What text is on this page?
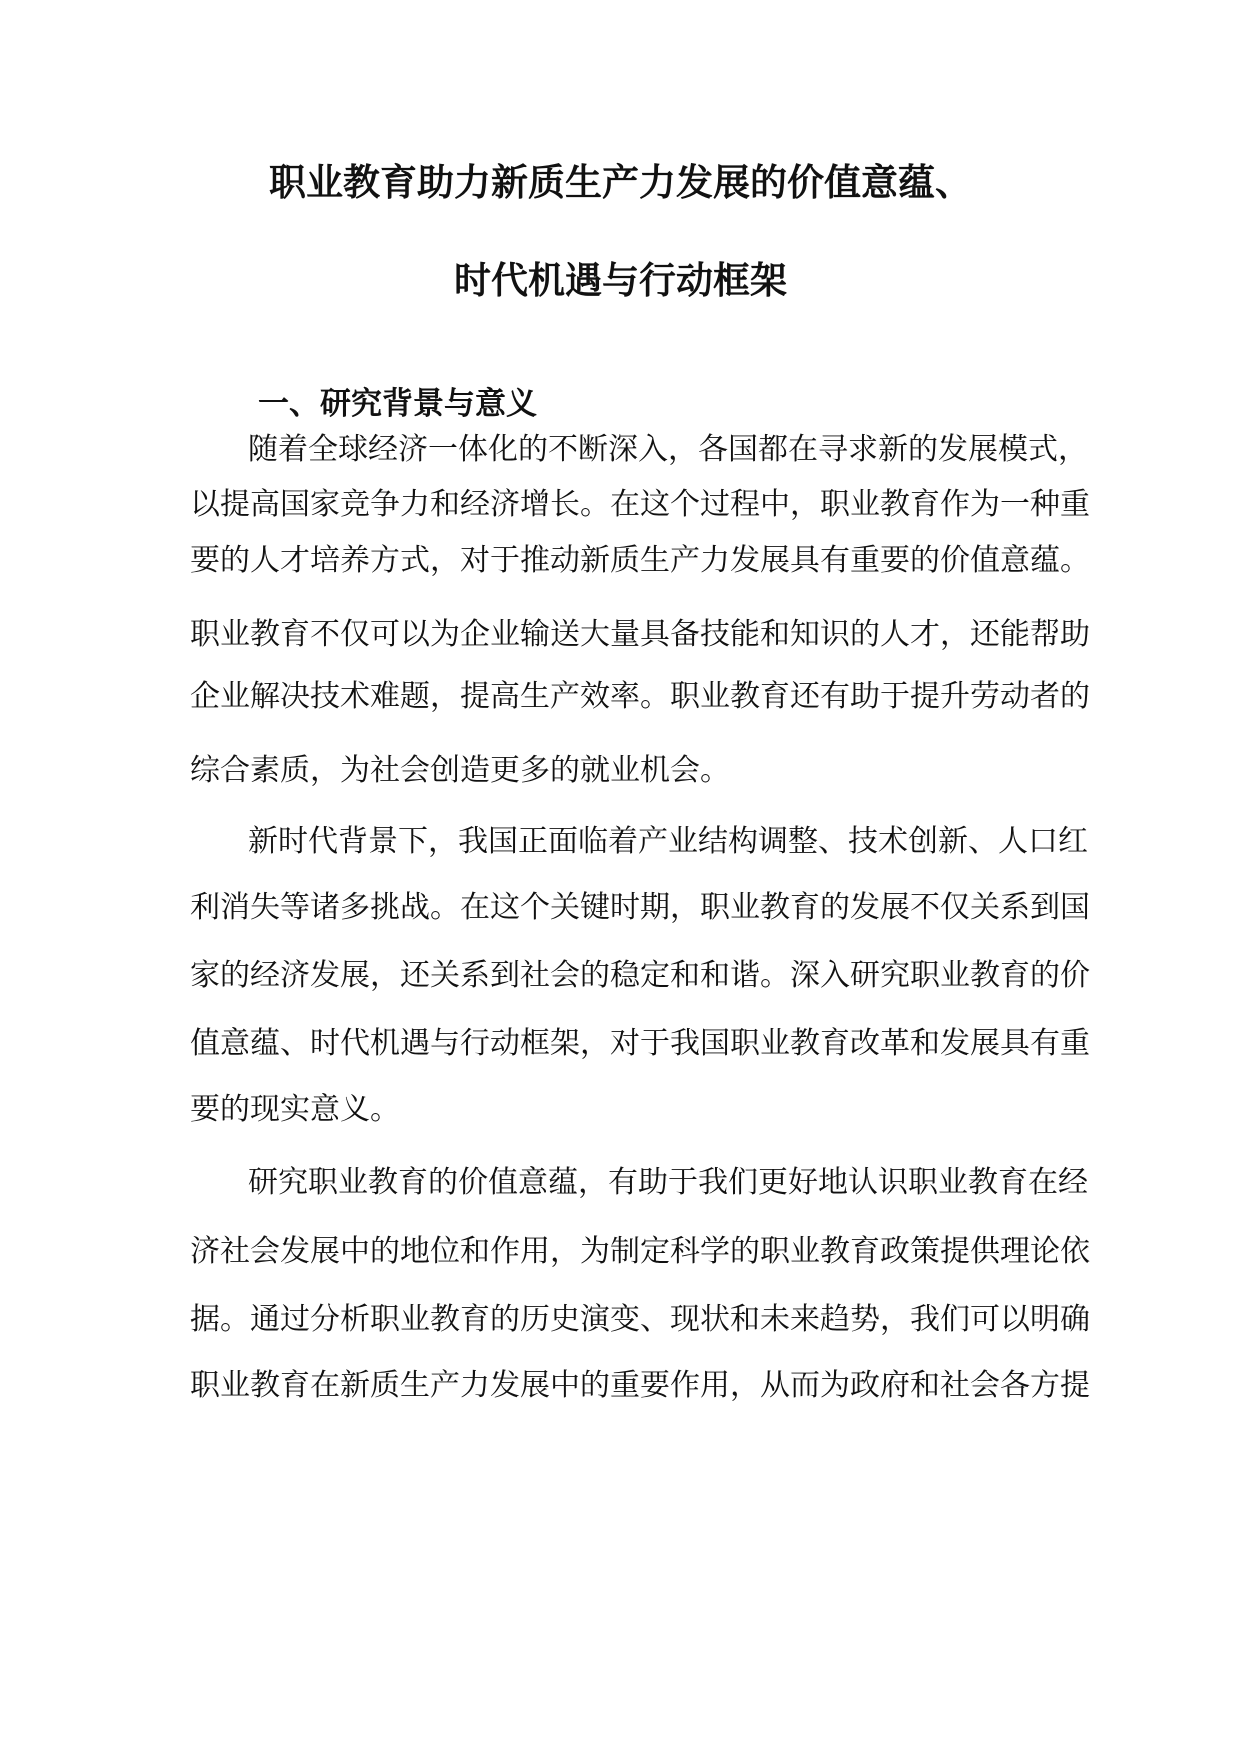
职业教育助力新质生产力发展的价值意蕴、
时代机遇与行动框架
一、研究背景与意义
随着全球经济一体化的不断深入，各国都在寻求新的发展模式，
以提高国家竞争力和经济增长。在这个过程中，职业教育作为一种重
要的人才培养方式，对于推动新质生产力发展具有重要的价值意蕴。
职业教育不仅可以为企业输送大量具备技能和知识的人才，还能帮助
企业解决技术难题，提高生产效率。职业教育还有助于提升劳动者的
综合素质，为社会创造更多的就业机会。
新时代背景下，我国正面临着产业结构调整、技术创新、人口红
利消失等诸多挑战。在这个关键时期，职业教育的发展不仅关系到国
家的经济发展，还关系到社会的稳定和和谐。深入研究职业教育的价
值意蕴、时代机遇与行动框架，对于我国职业教育改革和发展具有重
要的现实意义。
研究职业教育的价值意蕴，有助于我们更好地认识职业教育在经
济社会发展中的地位和作用，为制定科学的职业教育政策提供理论依
据。通过分析职业教育的历史演变、现状和未来趋势，我们可以明确
职业教育在新质生产力发展中的重要作用，从而为政府和社会各方提
